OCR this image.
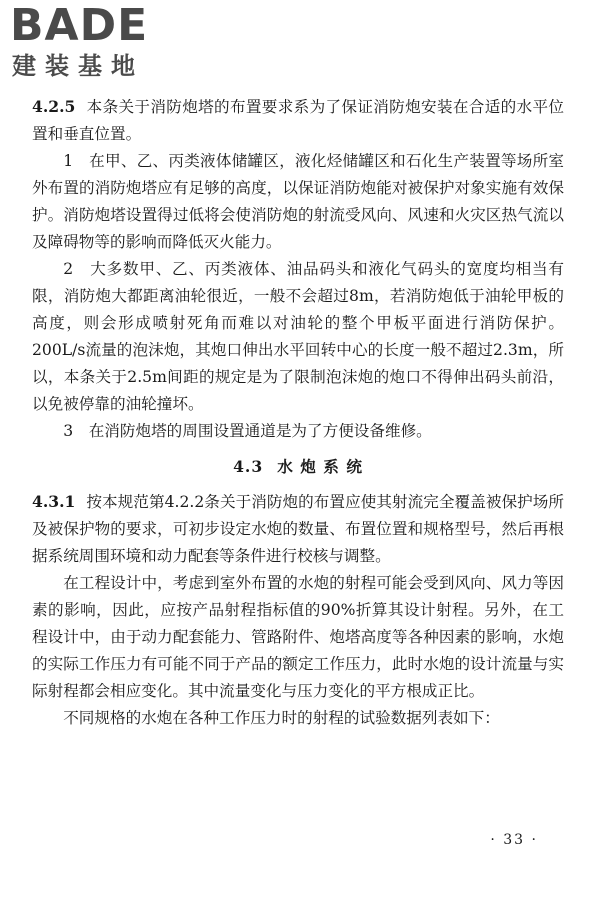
BADE
建装基地

4.2.5 本条关于消防炮塔的布置要求系为了保证消防炮安装在合适的水平位置和垂直位置。

1　在甲、乙、丙类液体储罐区，液化烃储罐区和石化生产装置等场所室外布置的消防炮塔应有足够的高度，以保证消防炮能对被保护对象实施有效保护。消防炮塔设置得过低将会使消防炮的射流受风向、风速和火灾区热气流以及障碍物等的影响而降低灭火能力。

2　大多数甲、乙、丙类液体、油品码头和液化气码头的宽度均相当有限，消防炮大都距离油轮很近，一般不会超过8m，若消防炮低于油轮甲板的高度，则会形成喷射死角而难以对油轮的整个甲板平面进行消防保护。200L/s流量的泡沫炮，其炮口伸出水平回转中心的长度一般不超过2.3m，所以，本条关于2.5m间距的规定是为了限制泡沫炮的炮口不得伸出码头前沿，以免被停靠的油轮撞坏。

3　在消防炮塔的周围设置通道是为了方便设备维修。

4.3 水 炮 系 统

4.3.1 按本规范第4.2.2条关于消防炮的布置应使其射流完全覆盖被保护场所及被保护物的要求，可初步设定水炮的数量、布置位置和规格型号，然后再根据系统周围环境和动力配套等条件进行校核与调整。

在工程设计中，考虑到室外布置的水炮的射程可能会受到风向、风力等因素的影响，因此，应按产品射程指标值的90%折算其设计射程。另外，在工程设计中，由于动力配套能力、管路附件、炮塔高度等各种因素的影响，水炮的实际工作压力有可能不同于产品的额定工作压力，此时水炮的设计流量与实际射程都会相应变化。其中流量变化与压力变化的平方根成正比。

不同规格的水炮在各种工作压力时的射程的试验数据列表如下：

· 33 ·
